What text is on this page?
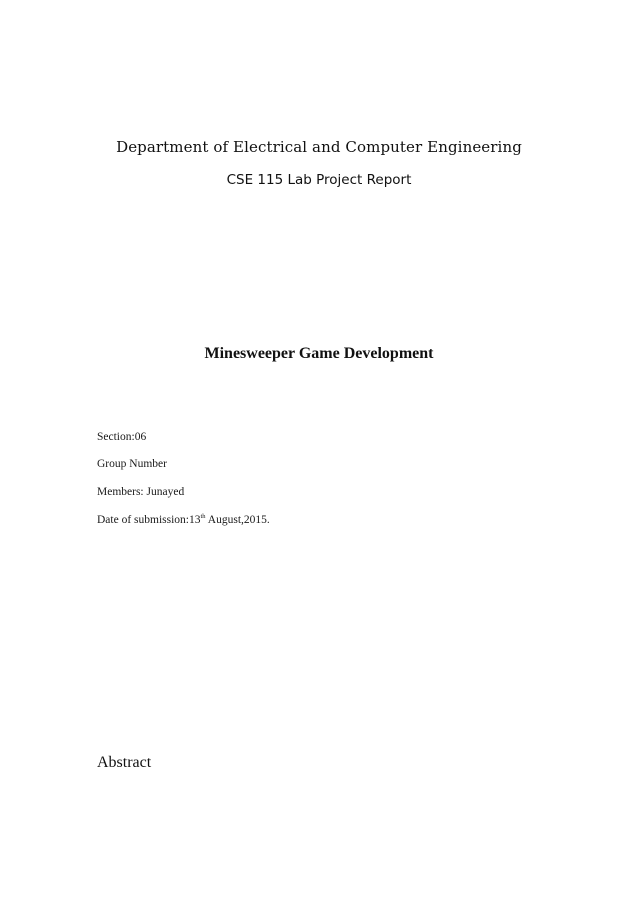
Department of Electrical and Computer Engineering
CSE 115 Lab Project Report
Minesweeper Game Development
Section:06
Group Number
Members: Junayed
Date of submission:13th August,2015.
Abstract
